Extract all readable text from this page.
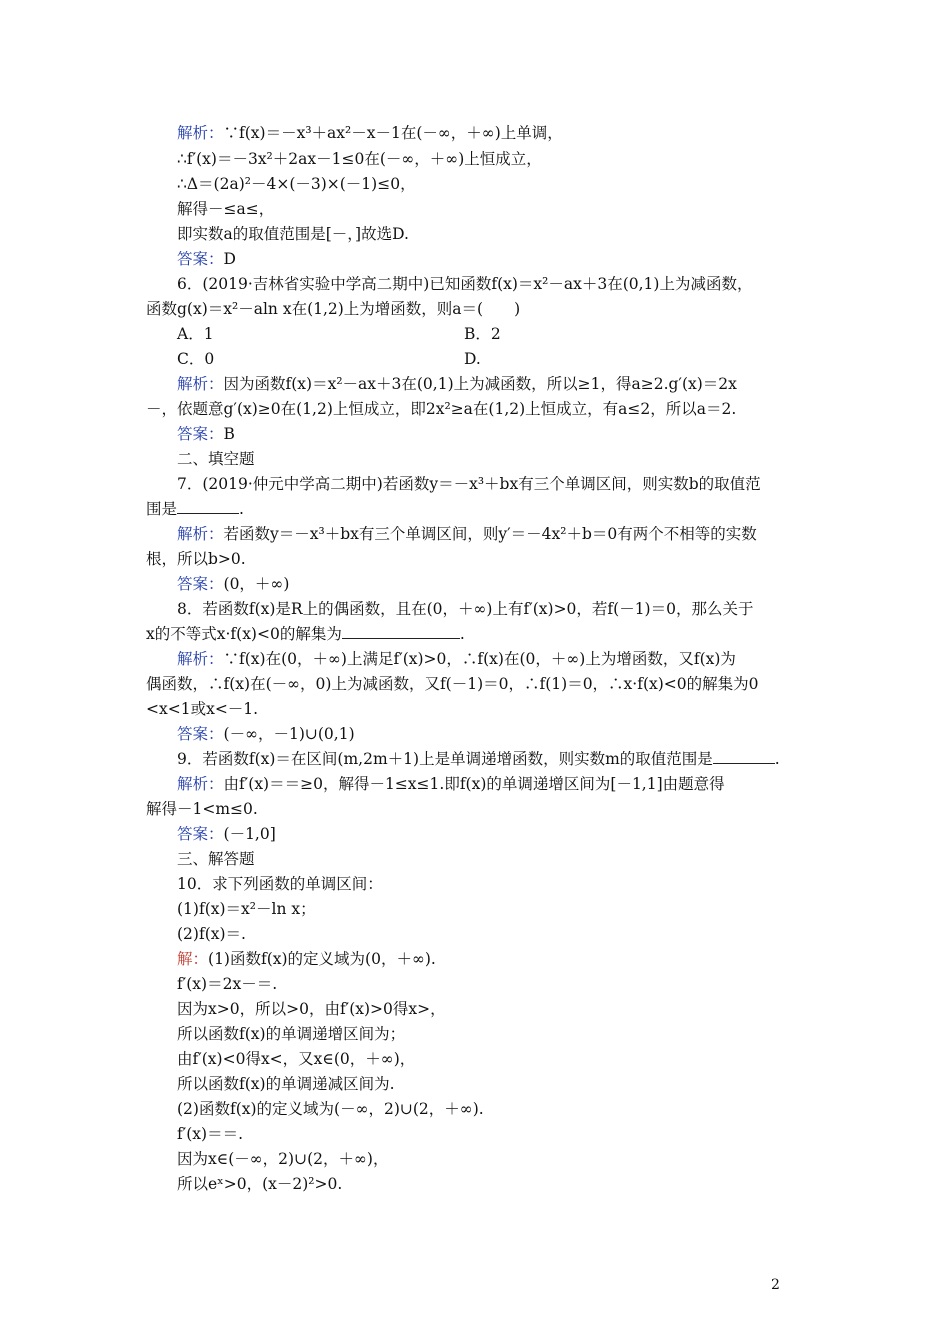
解析：∵f(x)＝－x³＋ax²－x－1在(－∞，＋∞)上单调，
∴f′(x)＝－3x²＋2ax－1≤0在(－∞，＋∞)上恒成立，
∴Δ＝(2a)²－4×(－3)×(－1)≤0，
解得－≤a≤，
即实数a的取值范围是[－，]故选D.
答案：D
6．(2019·吉林省实验中学高二期中)已知函数f(x)＝x²－ax＋3在(0,1)上为减函数，
函数g(x)＝x²－aln x在(1,2)上为增函数，则a＝(　　)
A．1	B．2
C．0	D.
解析：因为函数f(x)＝x²－ax＋3在(0,1)上为减函数，所以≥1，得a≥2.g′(x)＝2x
－，依题意g′(x)≥0在(1,2)上恒成立，即2x²≥a在(1,2)上恒成立，有a≤2，所以a＝2.
答案：B
二、填空题
7．(2019·仲元中学高二期中)若函数y＝－x³＋bx有三个单调区间，则实数b的取值范
围是	.
解析：若函数y＝－x³＋bx有三个单调区间，则y′＝－4x²＋b＝0有两个不相等的实数
根，所以b>0.
答案：(0，＋∞)
8．若函数f(x)是R上的偶函数，且在(0，＋∞)上有f′(x)>0，若f(－1)＝0，那么关于
x的不等式x·f(x)<0的解集为	.
解析：∵f(x)在(0，＋∞)上满足f′(x)>0，∴f(x)在(0，＋∞)上为增函数，又f(x)为
偶函数，∴f(x)在(－∞，0)上为减函数，又f(－1)＝0，∴f(1)＝0，∴x·f(x)<0的解集为0
<x<1或x<－1.
答案：(－∞，－1)∪(0,1)
9．若函数f(x)＝在区间(m,2m＋1)上是单调递增函数，则实数m的取值范围是	.
解析：由f′(x)＝＝≥0，解得－1≤x≤1.即f(x)的单调递增区间为[－1,1]由题意得
解得－1<m≤0.
答案：(－1,0]
三、解答题
10．求下列函数的单调区间：
(1)f(x)＝x²－ln x；
(2)f(x)＝.
解：(1)函数f(x)的定义域为(0，＋∞).
f′(x)＝2x－＝.
因为x>0，所以>0，由f′(x)>0得x>，
所以函数f(x)的单调递增区间为；
由f′(x)<0得x<，又x∈(0，＋∞)，
所以函数f(x)的单调递减区间为.
(2)函数f(x)的定义域为(－∞，2)∪(2，＋∞).
f′(x)＝＝.
因为x∈(－∞，2)∪(2，＋∞)，
所以eˣ>0，(x－2)²>0.
2
